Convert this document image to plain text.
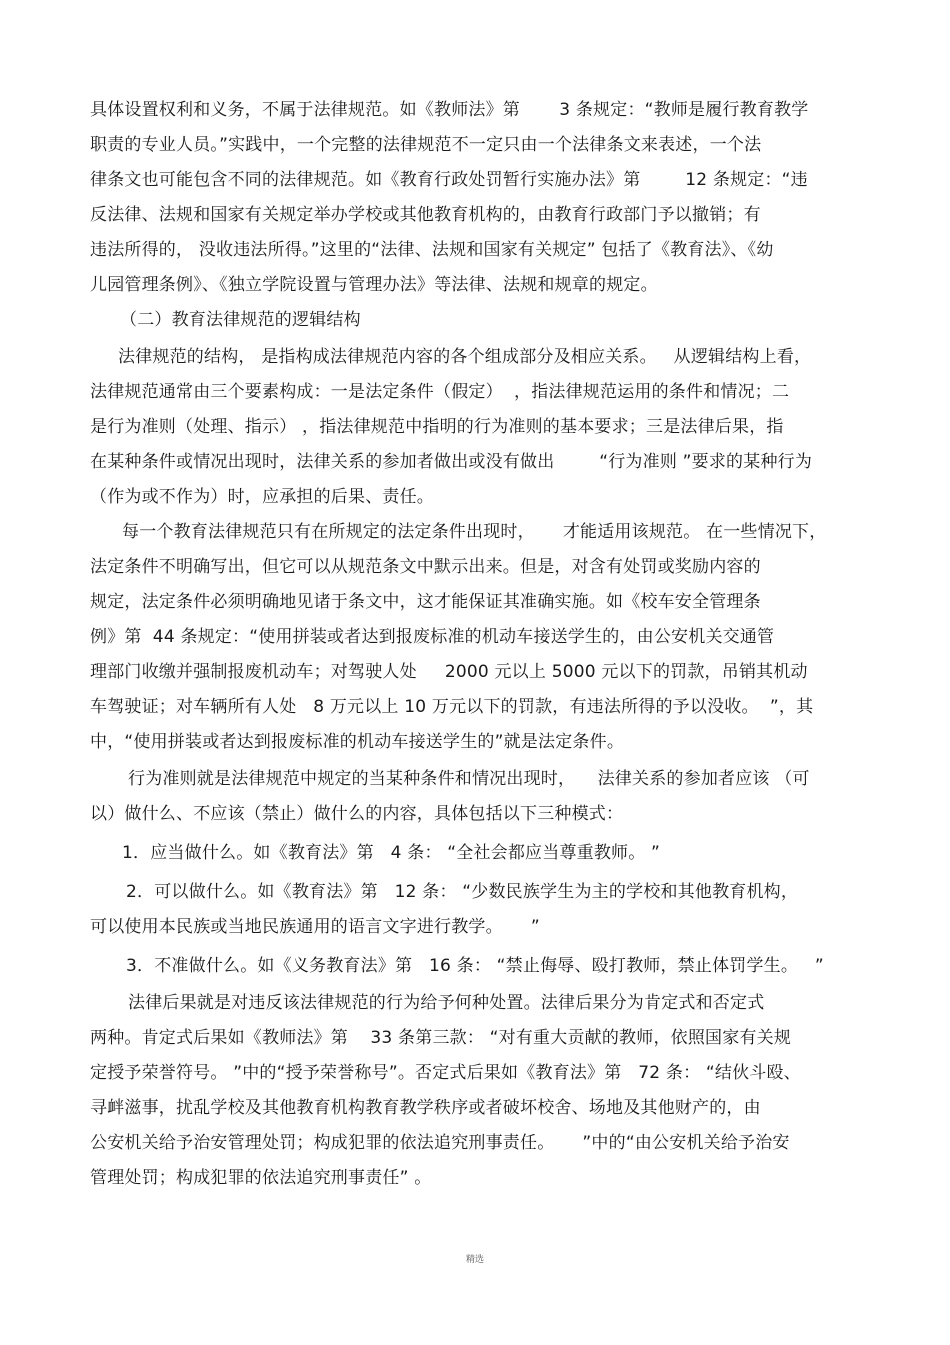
具体设置权利和义务，不属于法律规范。如《教师法》第       3 条规定：“教师是履行教育教学
职责的专业人员。”实践中，一个完整的法律规范不一定只由一个法律条文来表述，一个法
律条文也可能包含不同的法律规范。如《教育行政处罚暂行实施办法》第        12 条规定：“违
反法律、法规和国家有关规定举办学校或其他教育机构的，由教育行政部门予以撤销；有
违法所得的， 没收违法所得。”这里的“法律、法规和国家有关规定” 包括了《教育法》、《幼
儿园管理条例》、《独立学院设置与管理办法》等法律、法规和规章的规定。
（二）教育法律规范的逻辑结构
法律规范的结构， 是指构成法律规范内容的各个组成部分及相应关系。   从逻辑结构上看，
法律规范通常由三个要素构成：一是法定条件（假定）  ，指法律规范运用的条件和情况；二
是行为准则（处理、指示） ，指法律规范中指明的行为准则的基本要求；三是法律后果，指
在某种条件或情况出现时，法律关系的参加者做出或没有做出        “行为准则 ”要求的某种行为
（作为或不作为）时，应承担的后果、责任。
每一个教育法律规范只有在所规定的法定条件出现时，     才能适用该规范。 在一些情况下，
法定条件不明确写出，但它可以从规范条文中默示出来。但是，对含有处罚或奖励内容的
规定，法定条件必须明确地见诸于条文中，这才能保证其准确实施。如《校车安全管理条
例》第  44 条规定：“使用拼装或者达到报废标准的机动车接送学生的，由公安机关交通管
理部门收缴并强制报废机动车；对驾驶人处     2000 元以上 5000 元以下的罚款，吊销其机动
车驾驶证；对车辆所有人处   8 万元以上 10 万元以下的罚款，有违法所得的予以没收。  ”，其
中，“使用拼装或者达到报废标准的机动车接送学生的”就是法定条件。
行为准则就是法律规范中规定的当某种条件和情况出现时，    法律关系的参加者应该 （可
以）做什么、不应该（禁止）做什么的内容，具体包括以下三种模式：
1．应当做什么。如《教育法》第   4 条： “全社会都应当尊重教师。 ”
2．可以做什么。如《教育法》第   12 条： “少数民族学生为主的学校和其他教育机构，
可以使用本民族或当地民族通用的语言文字进行教学。     ”
3．不准做什么。如《义务教育法》第   16 条： “禁止侮辱、殴打教师，禁止体罚学生。   ”
法律后果就是对违反该法律规范的行为给予何种处置。法律后果分为肯定式和否定式
两种。肯定式后果如《教师法》第    33 条第三款： “对有重大贡献的教师，依照国家有关规
定授予荣誉符号。 ”中的“授予荣誉称号”。否定式后果如《教育法》第   72 条： “结伙斗殴、
寻衅滋事，扰乱学校及其他教育机构教育教学秩序或者破坏校舍、场地及其他财产的，由
公安机关给予治安管理处罚；构成犯罪的依法追究刑事责任。     ”中的“由公安机关给予治安
管理处罚；构成犯罪的依法追究刑事责任” 。
精选
